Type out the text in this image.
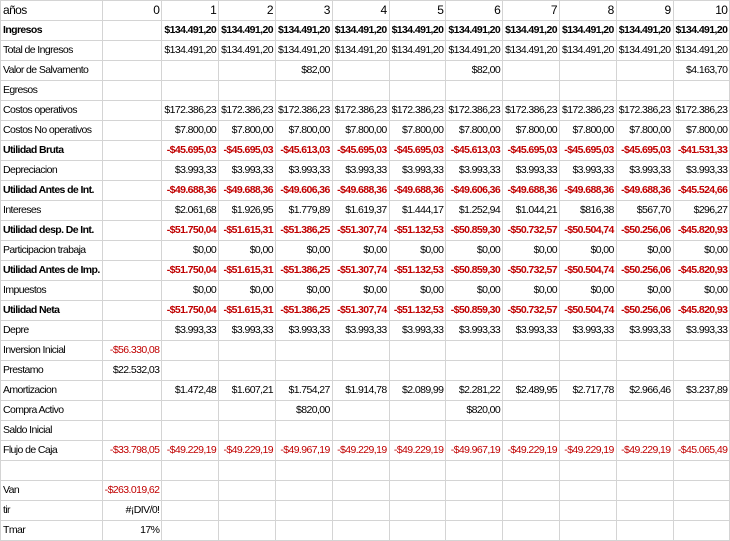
años	0	1	2	3	4	5	6	7	8	9	10
Ingresos		$134.491,20	$134.491,20	$134.491,20	$134.491,20	$134.491,20	$134.491,20	$134.491,20	$134.491,20	$134.491,20	$134.491,20
Total de Ingresos		$134.491,20	$134.491,20	$134.491,20	$134.491,20	$134.491,20	$134.491,20	$134.491,20	$134.491,20	$134.491,20	$134.491,20
Valor de Salvamento				$82,00			$82,00				$4.163,70
Egresos											
Costos operativos		$172.386,23	$172.386,23	$172.386,23	$172.386,23	$172.386,23	$172.386,23	$172.386,23	$172.386,23	$172.386,23	$172.386,23
Costos No operativos		$7.800,00	$7.800,00	$7.800,00	$7.800,00	$7.800,00	$7.800,00	$7.800,00	$7.800,00	$7.800,00	$7.800,00
Utilidad Bruta		-$45.695,03	-$45.695,03	-$45.613,03	-$45.695,03	-$45.695,03	-$45.613,03	-$45.695,03	-$45.695,03	-$45.695,03	-$41.531,33
Depreciacion		$3.993,33	$3.993,33	$3.993,33	$3.993,33	$3.993,33	$3.993,33	$3.993,33	$3.993,33	$3.993,33	$3.993,33
Utilidad Antes de Int.		-$49.688,36	-$49.688,36	-$49.606,36	-$49.688,36	-$49.688,36	-$49.606,36	-$49.688,36	-$49.688,36	-$49.688,36	-$45.524,66
Intereses		$2.061,68	$1.926,95	$1.779,89	$1.619,37	$1.444,17	$1.252,94	$1.044,21	$816,38	$567,70	$296,27
Utilidad desp. De Int.		-$51.750,04	-$51.615,31	-$51.386,25	-$51.307,74	-$51.132,53	-$50.859,30	-$50.732,57	-$50.504,74	-$50.256,06	-$45.820,93
Participacion trabaja		$0,00	$0,00	$0,00	$0,00	$0,00	$0,00	$0,00	$0,00	$0,00	$0,00
Utilidad Antes de Imp.		-$51.750,04	-$51.615,31	-$51.386,25	-$51.307,74	-$51.132,53	-$50.859,30	-$50.732,57	-$50.504,74	-$50.256,06	-$45.820,93
Impuestos		$0,00	$0,00	$0,00	$0,00	$0,00	$0,00	$0,00	$0,00	$0,00	$0,00
Utilidad Neta		-$51.750,04	-$51.615,31	-$51.386,25	-$51.307,74	-$51.132,53	-$50.859,30	-$50.732,57	-$50.504,74	-$50.256,06	-$45.820,93
Depre		$3.993,33	$3.993,33	$3.993,33	$3.993,33	$3.993,33	$3.993,33	$3.993,33	$3.993,33	$3.993,33	$3.993,33
Inversion Inicial	-$56.330,08										
Prestamo	$22.532,03										
Amortizacion		$1.472,48	$1.607,21	$1.754,27	$1.914,78	$2.089,99	$2.281,22	$2.489,95	$2.717,78	$2.966,46	$3.237,89
Compra Activo				$820,00			$820,00				
Saldo Inicial											
Flujo de Caja	-$33.798,05	-$49.229,19	-$49.229,19	-$49.967,19	-$49.229,19	-$49.229,19	-$49.967,19	-$49.229,19	-$49.229,19	-$49.229,19	-$45.065,49

Van	-$263.019,62										
tir	#¡DIV/0!										
Tmar	17%										
